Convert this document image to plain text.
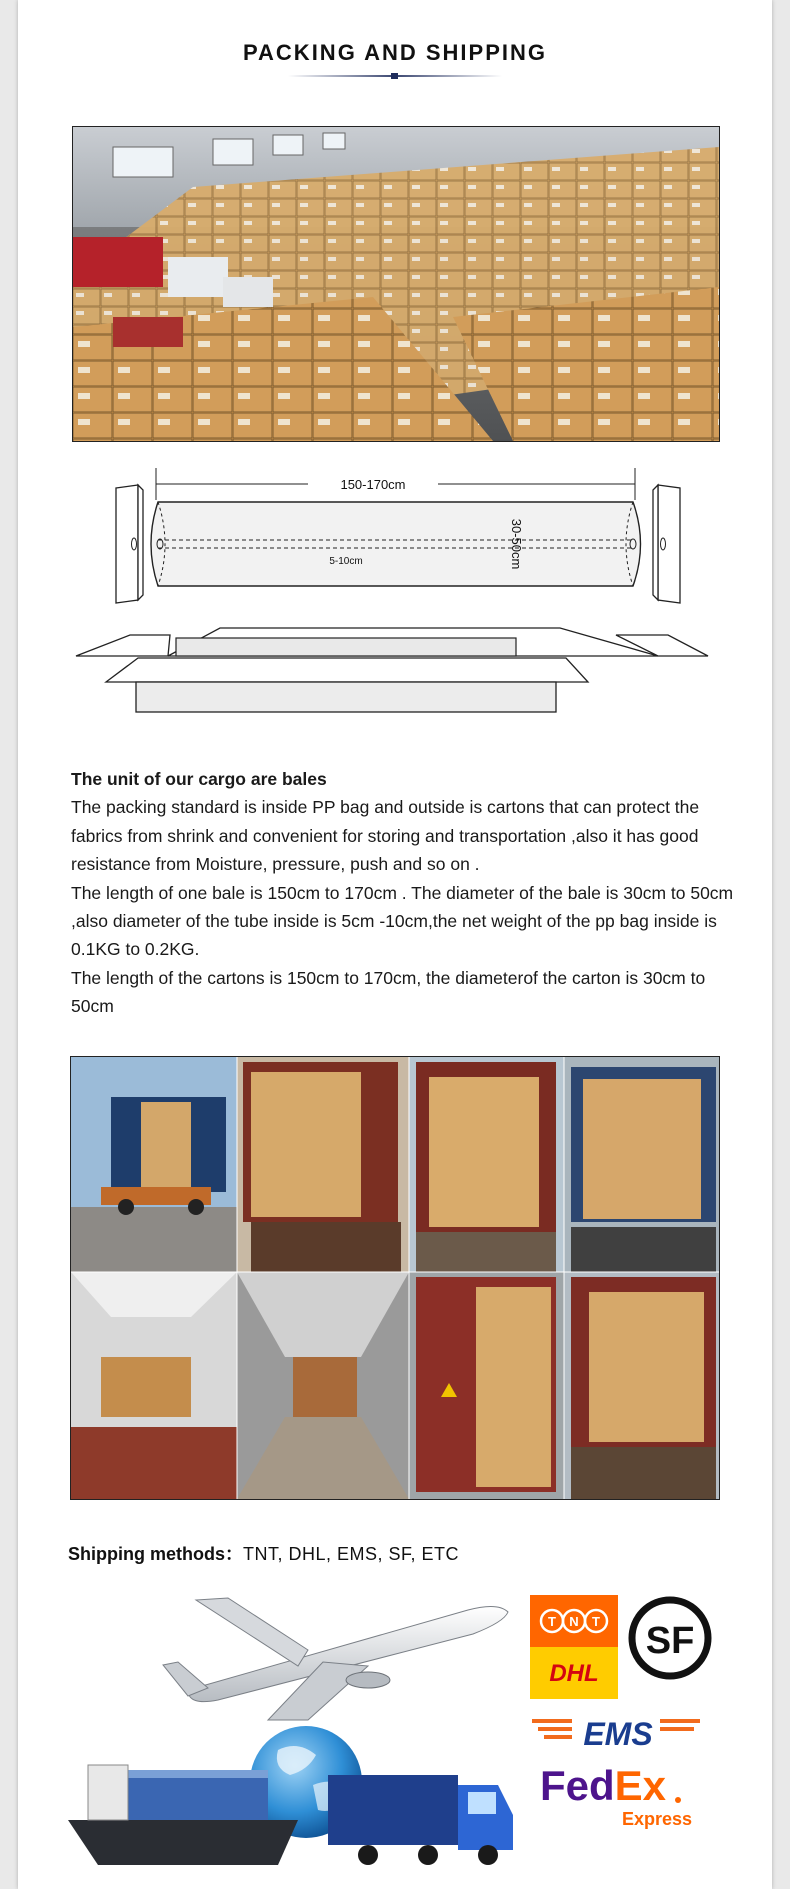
PACKING AND SHIPPING
150-170cm
5-10cm	30-50cm

The unit of our cargo are bales

The packing standard is inside PP bag and outside is cartons that can protect the fabrics from shrink and convenient for storing and transportation ,also it has good resistance from Moisture, pressure, push and so on .

The length of one bale is 150cm to 170cm . The diameter of the bale is 30cm to 50cm ,also diameter of the tube inside is 5cm -10cm,the net weight of the pp bag inside is 0.1KG to 0.2KG.

The length of the cartons is 150cm to 170cm, the diameterof the carton is 30cm to 50cm

Shipping methods：TNT, DHL, EMS, SF, ETC
T N T SF
DHL
EMS
FedEx
Express
